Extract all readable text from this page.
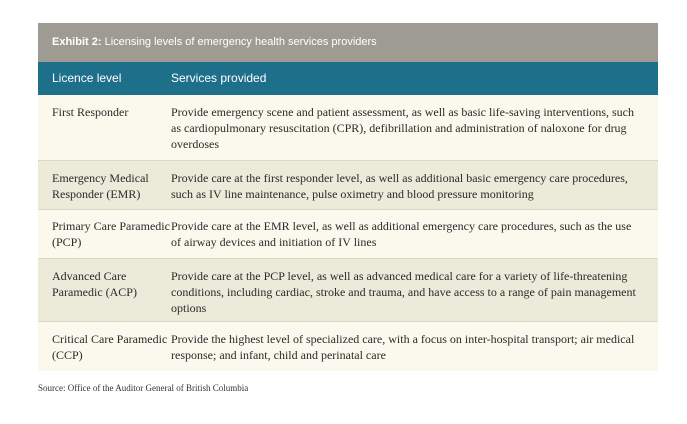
Exhibit 2: Licensing levels of emergency health services providers
Licence level	Services provided
First Responder	Provide emergency scene and patient assessment, as well as basic life-saving interventions, such as cardiopulmonary resuscitation (CPR), defibrillation and administration of naloxone for drug overdoses
Emergency Medical Responder (EMR)
Provide care at the first responder level, as well as additional basic emergency care procedures, such as IV line maintenance, pulse oximetry and blood pressure monitoring
Primary Care Paramedic (PCP)
Provide care at the EMR level, as well as additional emergency care procedures, such as the use of airway devices and initiation of IV lines
Advanced Care Paramedic (ACP)
Provide care at the PCP level, as well as advanced medical care for a variety of life-threatening conditions, including cardiac, stroke and trauma, and have access to a range of pain management options
Critical Care Paramedic (CCP)
Provide the highest level of specialized care, with a focus on inter-hospital transport; air medical response; and infant, child and perinatal care
Source: Office of the Auditor General of British Columbia
